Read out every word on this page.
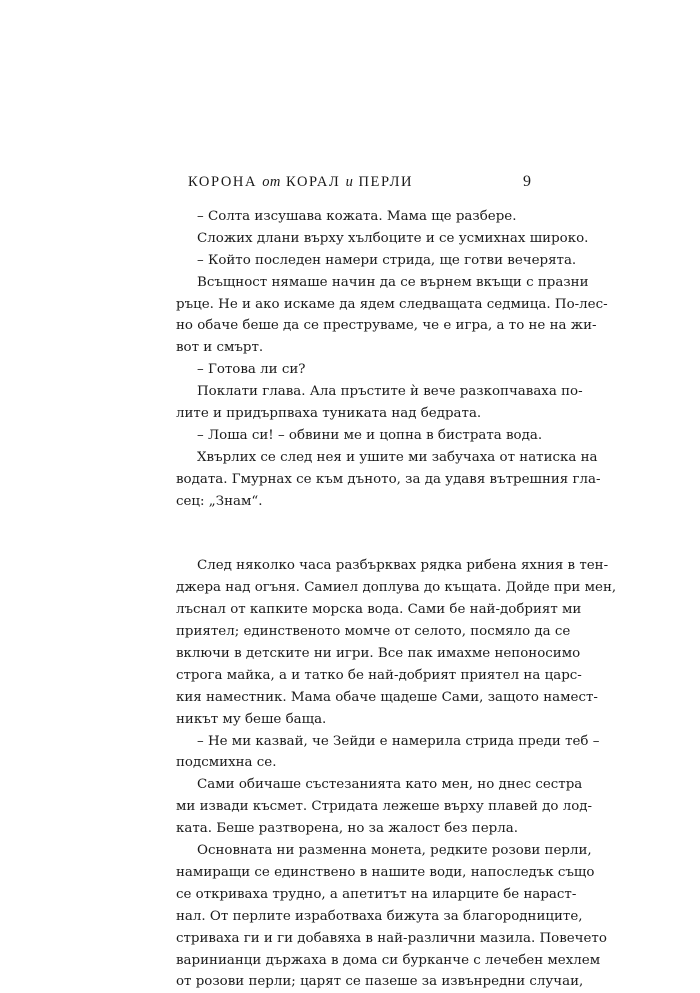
КОРОНА от КОРАЛ и ПЕРЛИ	9
– Солта изсушава кожата. Мама ще разбере.
Сложих длани върху хълбоците и се усмихнах широко.
– Който последен намери стрида, ще готви вечерята.
Всъщност нямаше начин да се върнем вкъщи с празни
ръце. Не и ако искаме да ядем следващата седмица. По-лес-
но обаче беше да се преструваме, че е игра, а то не на жи-
вот и смърт.
– Готова ли си?
Поклати глава. Ала пръстите ѝ вече разкопчаваха по-
лите и придърпваха туниката над бедрата.
– Лоша си! – обвини ме и цопна в бистрата вода.
Хвърлих се след нея и ушите ми забучаха от натиска на
водата. Гмурнах се към дъното, за да удавя вътрешния гла-
сец: „Знам“.
След няколко часа разбърквах рядка рибена яхния в тен-
джера над огъня. Самиел доплува до къщата. Дойде при мен,
лъснал от капките морска вода. Сами бе най-добрият ми
приятел; единственото момче от селото, посмяло да се
включи в детските ни игри. Все пак имахме непоносимо
строга майка, а и татко бе най-добрият приятел на царс-
кия наместник. Мама обаче щадеше Сами, защото намест-
никът му беше баща.
– Не ми казвай, че Зейди е намерила стрида преди теб –
подсмихна се.
Сами обичаше състезанията като мен, но днес сестра
ми извади късмет. Стридата лежеше върху плавей до лод-
ката. Беше разтворена, но за жалост без перла.
Основната ни разменна монета, редките розови перли,
намиращи се единствено в нашите води, напоследък също
се откриваха трудно, а апетитът на иларците бе нараст-
нал. От перлите изработваха бижута за благородниците,
стриваха ги и ги добавяха в най-различни мазила. Повечето
варинианци държаха в дома си бурканче с лечебен мехлем
от розови перли; царят се пазеше за извънредни случаи,
